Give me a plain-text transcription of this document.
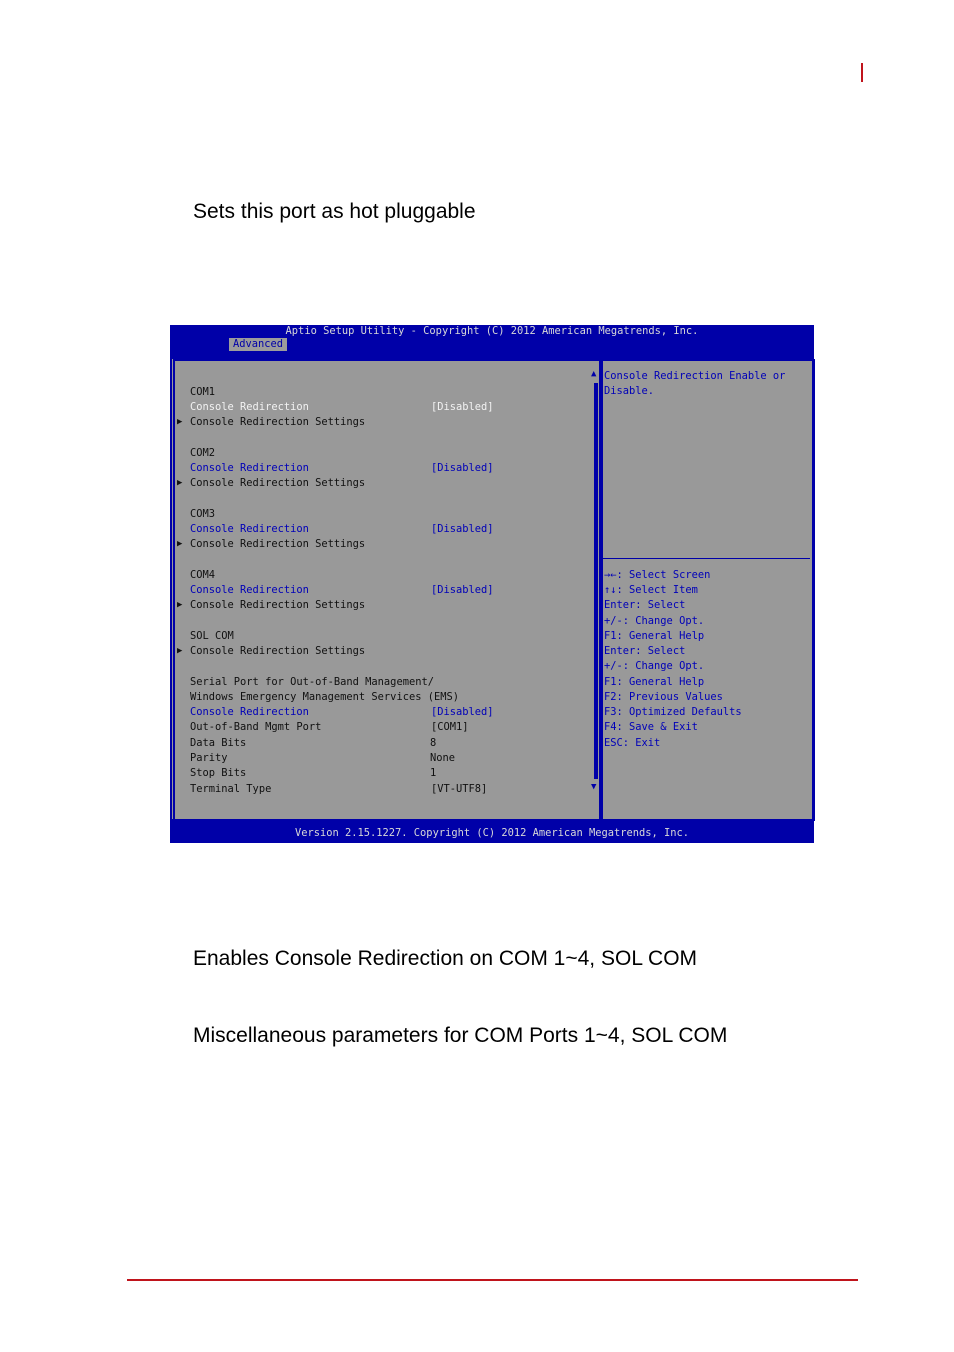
Sets this port as hot pluggable
Aptio Setup Utility - Copyright (C) 2012 American Megatrends, Inc.
Advanced

COM1

Console Redirection

	[Disabled]

▶

Console Redirection Settings

COM2

Console Redirection

	[Disabled]

▶

Console Redirection Settings

COM3

Console Redirection

	[Disabled]

▶

Console Redirection Settings

COM4

Console Redirection

	[Disabled]

▶

Console Redirection Settings

SOL COM

▶

Console Redirection Settings

Serial Port for Out-of-Band Management/

Windows Emergency Management Services (EMS)

Console Redirection

	[Disabled]

Out-of-Band Mgmt Port

	[COM1]

Data Bits

	8

Parity

	None

Stop Bits

	1

Terminal Type

	[VT-UTF8]

▲

▼

Console Redirection Enable or

Disable.

→←: Select Screen

↑↓: Select Item

Enter: Select

+/-: Change Opt.

F1: General Help

Enter: Select

+/-: Change Opt.

F1: General Help

F2: Previous Values

F3: Optimized Defaults

F4: Save & Exit

ESC: Exit

Version 2.15.1227. Copyright (C) 2012 American Megatrends, Inc.
Enables Console Redirection on COM 1~4, SOL COM
Miscellaneous parameters for COM Ports 1~4, SOL COM
